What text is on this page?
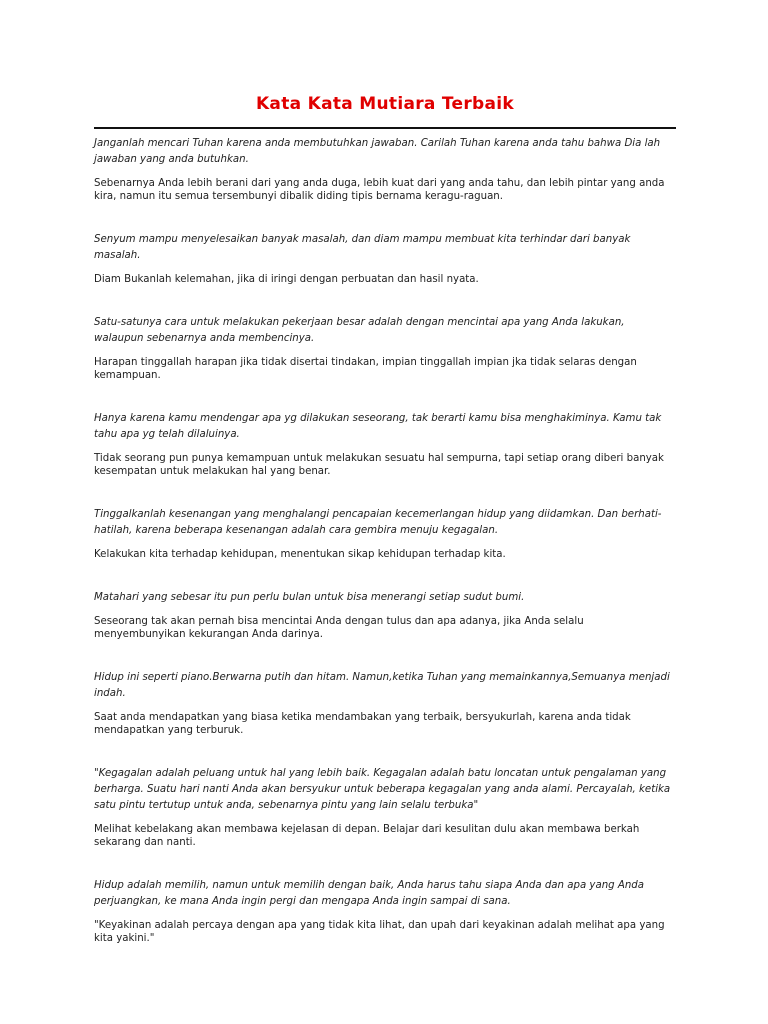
Kata Kata Mutiara Terbaik

Janganlah mencari Tuhan karena anda membutuhkan jawaban. Carilah Tuhan karena anda tahu bahwa Dia lah jawaban yang anda butuhkan.

Sebenarnya Anda lebih berani dari yang anda duga, lebih kuat dari yang anda tahu, dan lebih pintar yang anda kira, namun itu semua tersembunyi dibalik diding tipis bernama keragu-raguan.

Senyum mampu menyelesaikan banyak masalah, dan diam mampu membuat kita terhindar dari banyak masalah.

Diam Bukanlah kelemahan, jika di iringi dengan perbuatan dan hasil nyata.

Satu-satunya cara untuk melakukan pekerjaan besar adalah dengan mencintai apa yang Anda lakukan, walaupun sebenarnya anda membencinya.

Harapan tinggallah harapan jika tidak disertai tindakan, impian tinggallah impian jka tidak selaras dengan kemampuan.

Hanya karena kamu mendengar apa yg dilakukan seseorang, tak berarti kamu bisa menghakiminya. Kamu tak tahu apa yg telah dilaluinya.

Tidak seorang pun punya kemampuan untuk melakukan sesuatu hal sempurna, tapi setiap orang diberi banyak kesempatan untuk melakukan hal yang benar.

Tinggalkanlah kesenangan yang menghalangi pencapaian kecemerlangan hidup yang diidamkan. Dan berhati-hatilah, karena beberapa kesenangan adalah cara gembira menuju kegagalan.

Kelakukan kita terhadap kehidupan, menentukan sikap kehidupan terhadap kita.

Matahari yang sebesar itu pun perlu bulan untuk bisa menerangi setiap sudut bumi.

Seseorang tak akan pernah bisa mencintai Anda dengan tulus dan apa adanya, jika Anda selalu menyembunyikan kekurangan Anda darinya.

Hidup ini seperti piano.Berwarna putih dan hitam. Namun,ketika Tuhan yang memainkannya,Semuanya menjadi indah.

Saat anda mendapatkan yang biasa ketika mendambakan yang terbaik, bersyukurlah, karena anda tidak mendapatkan yang terburuk.

"Kegagalan adalah peluang untuk hal yang lebih baik. Kegagalan adalah batu loncatan untuk pengalaman yang berharga. Suatu hari nanti Anda akan bersyukur untuk beberapa kegagalan yang anda alami. Percayalah, ketika satu pintu tertutup untuk anda, sebenarnya pintu yang lain selalu terbuka"

Melihat kebelakang akan membawa kejelasan di depan. Belajar dari kesulitan dulu akan membawa berkah sekarang dan nanti.

Hidup adalah memilih, namun untuk memilih dengan baik, Anda harus tahu siapa Anda dan apa yang Anda perjuangkan, ke mana Anda ingin pergi dan mengapa Anda ingin sampai di sana.

"Keyakinan adalah percaya dengan apa yang tidak kita lihat, dan upah dari keyakinan adalah melihat apa yang kita yakini."
